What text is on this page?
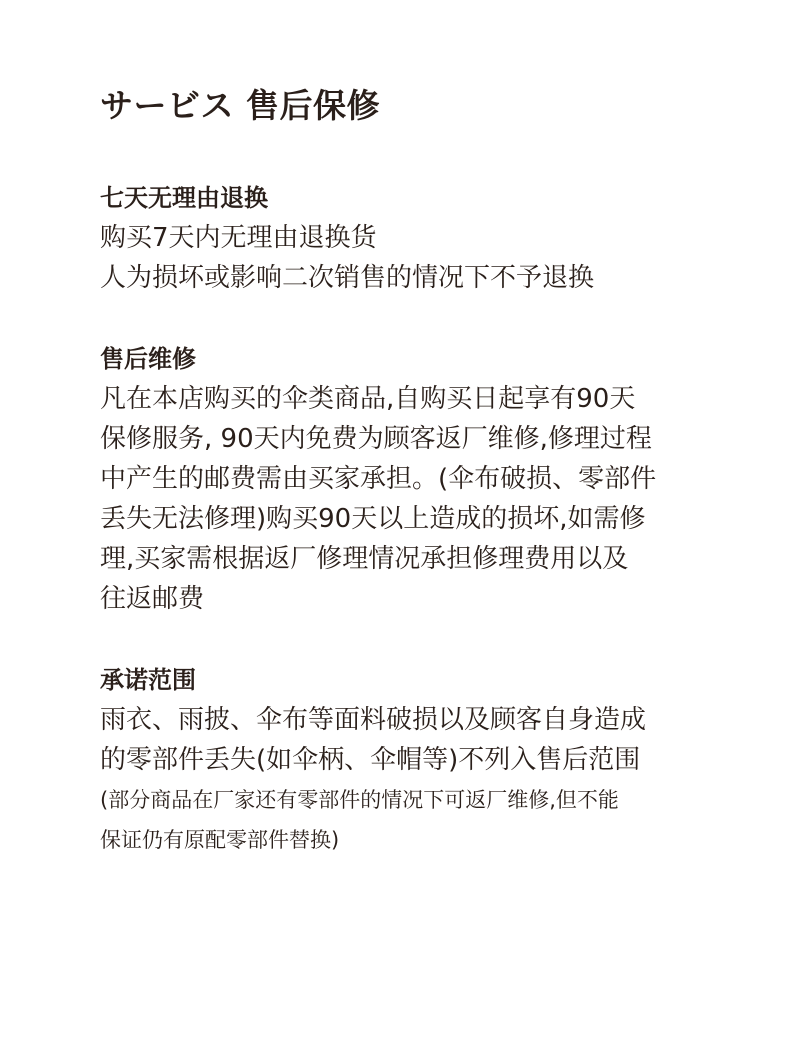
サービス 售后保修
七天无理由退换

购买7天内无理由退换货

人为损坏或影响二次销售的情况下不予退换

售后维修

凡在本店购买的伞类商品,自购买日起享有90天

保修服务, 90天内免费为顾客返厂维修,修理过程

中产生的邮费需由买家承担。(伞布破损、零部件

丢失无法修理)购买90天以上造成的损坏,如需修

理,买家需根据返厂修理情况承担修理费用以及

往返邮费

承诺范围

雨衣、雨披、伞布等面料破损以及顾客自身造成

的零部件丢失(如伞柄、伞帽等)不列入售后范围

(部分商品在厂家还有零部件的情况下可返厂维修,但不能

保证仍有原配零部件替换)
